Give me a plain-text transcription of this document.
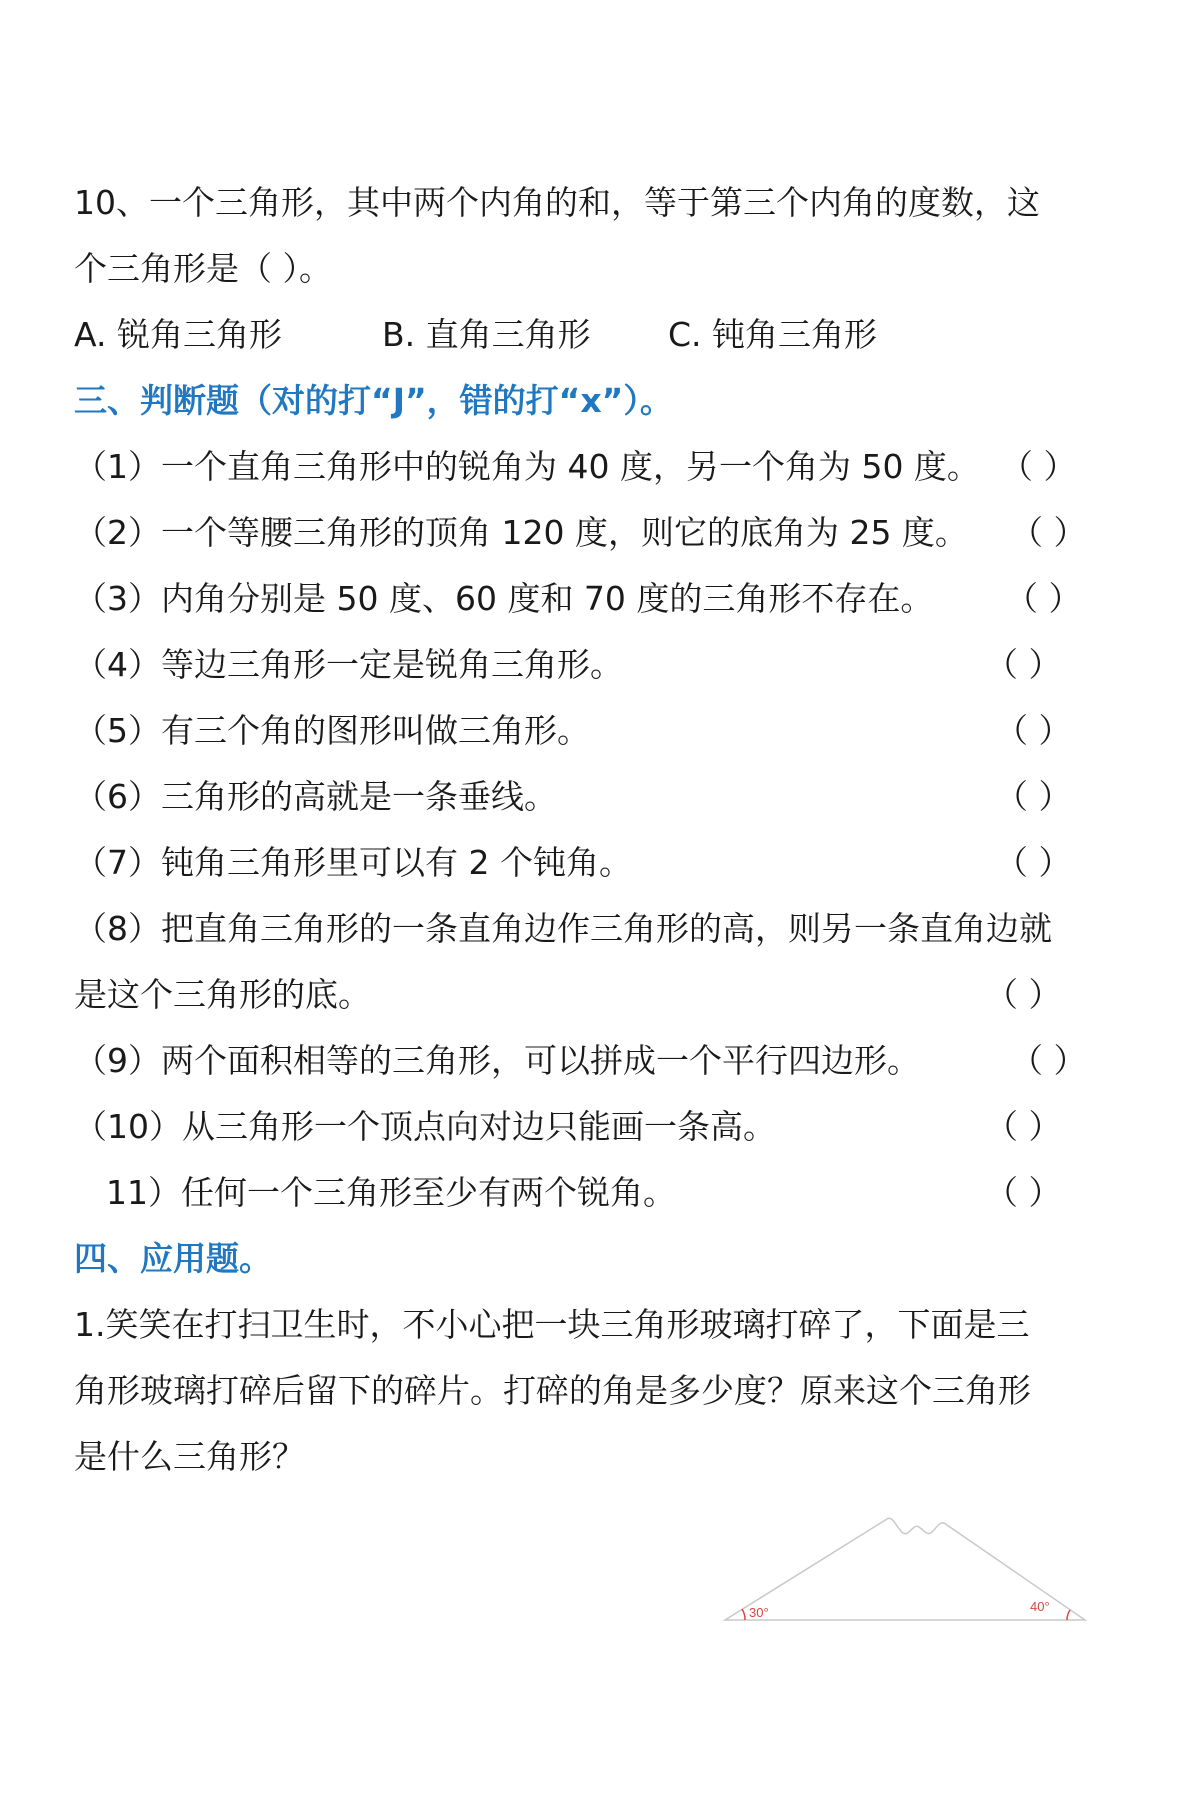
10、一个三角形，其中两个内角的和，等于第三个内角的度数，这
个三角形是（ ）。
A. 锐角三角形	B. 直角三角形 C. 钝角三角形
三、判断题（对的打“J”，错的打“x”）。
（1）一个直角三角形中的锐角为 40 度，另一个角为 50 度。 （ ）
（2）一个等腰三角形的顶角 120 度，则它的底角为 25 度。 （ ）
（3）内角分别是 50 度、60 度和 70 度的三角形不存在。 （ ）
（4）等边三角形一定是锐角三角形。	（ ）
（5）有三个角的图形叫做三角形。	（ ）
（6）三角形的高就是一条垂线。	（ ）
（7）钝角三角形里可以有 2 个钝角。	（ ）
（8）把直角三角形的一条直角边作三角形的高，则另一条直角边就
是这个三角形的底。	（ ）
（9）两个面积相等的三角形，可以拼成一个平行四边形。	（ ）
（10）从三角形一个顶点向对边只能画一条高。	（ ）
11）任何一个三角形至少有两个锐角。	（ ）
四、应用题。
1.笑笑在打扫卫生时，不小心把一块三角形玻璃打碎了，下面是三
角形玻璃打碎后留下的碎片。打碎的角是多少度？原来这个三角形
是什么三角形？
30°	40°
